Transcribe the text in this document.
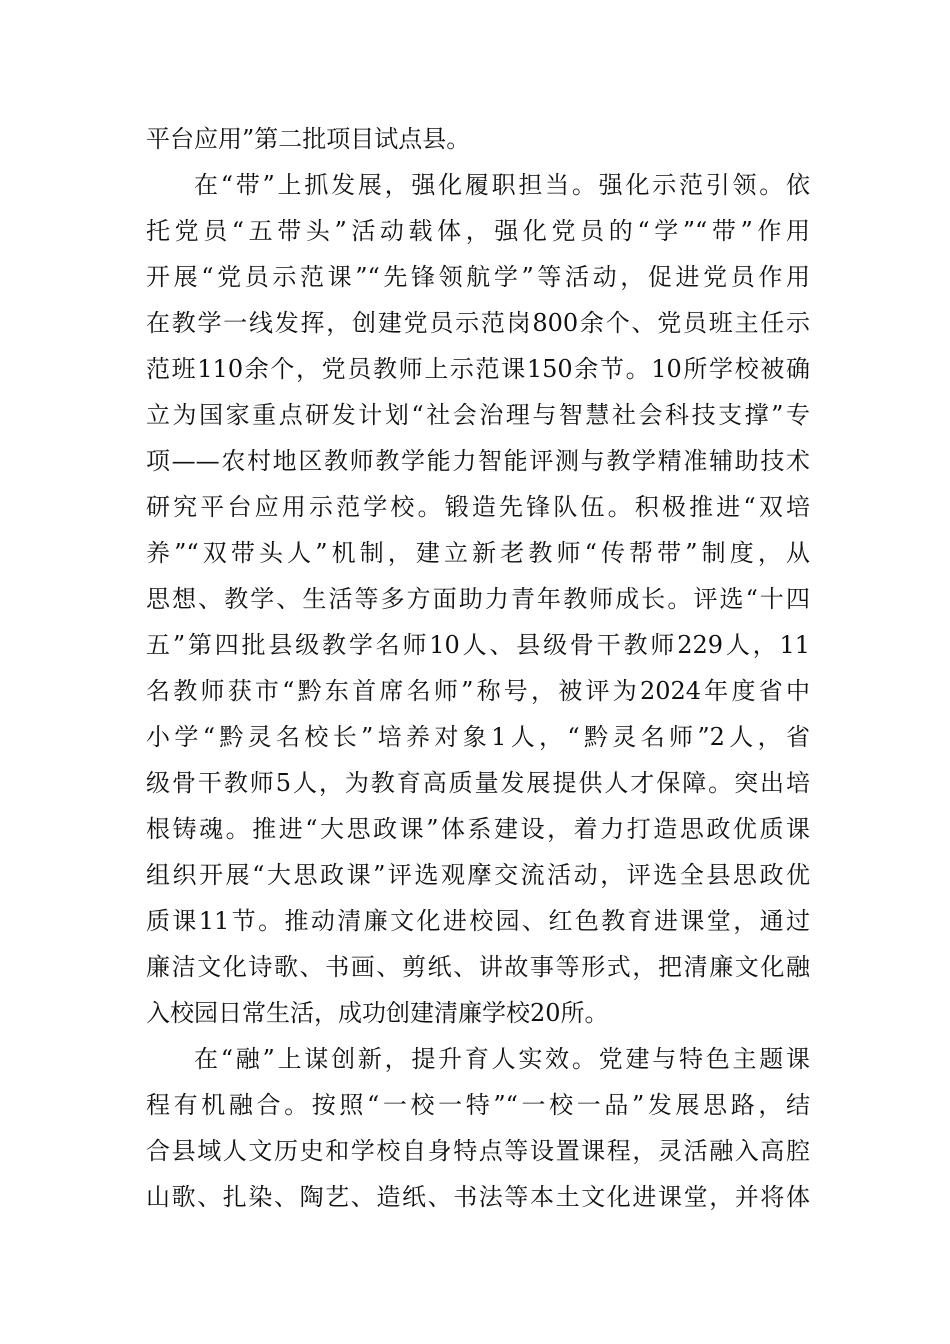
平台应用”第二批项目试点县。
在“带”上抓发展，强化履职担当。强化示范引领。依
托党员“五带头”活动载体，强化党员的“学”“带”作用
开展“党员示范课”“先锋领航学”等活动，促进党员作用
在教学一线发挥，创建党员示范岗800余个、党员班主任示
范班110余个，党员教师上示范课150余节。10所学校被确
立为国家重点研发计划“社会治理与智慧社会科技支撑”专
项——农村地区教师教学能力智能评测与教学精准辅助技术
研究平台应用示范学校。锻造先锋队伍。积极推进“双培
养”“双带头人”机制，建立新老教师“传帮带”制度，从
思想、教学、生活等多方面助力青年教师成长。评选“十四
五”第四批县级教学名师10人、县级骨干教师229人，11
名教师获市“黔东首席名师”称号，被评为2024年度省中
小学“黔灵名校长”培养对象1人，“黔灵名师”2人，省
级骨干教师5人，为教育高质量发展提供人才保障。突出培
根铸魂。推进“大思政课”体系建设，着力打造思政优质课
组织开展“大思政课”评选观摩交流活动，评选全县思政优
质课11节。推动清廉文化进校园、红色教育进课堂，通过
廉洁文化诗歌、书画、剪纸、讲故事等形式，把清廉文化融
入校园日常生活，成功创建清廉学校20所。
在“融”上谋创新，提升育人实效。党建与特色主题课
程有机融合。按照“一校一特”“一校一品”发展思路，结
合县域人文历史和学校自身特点等设置课程，灵活融入高腔
山歌、扎染、陶艺、造纸、书法等本土文化进课堂，并将体
